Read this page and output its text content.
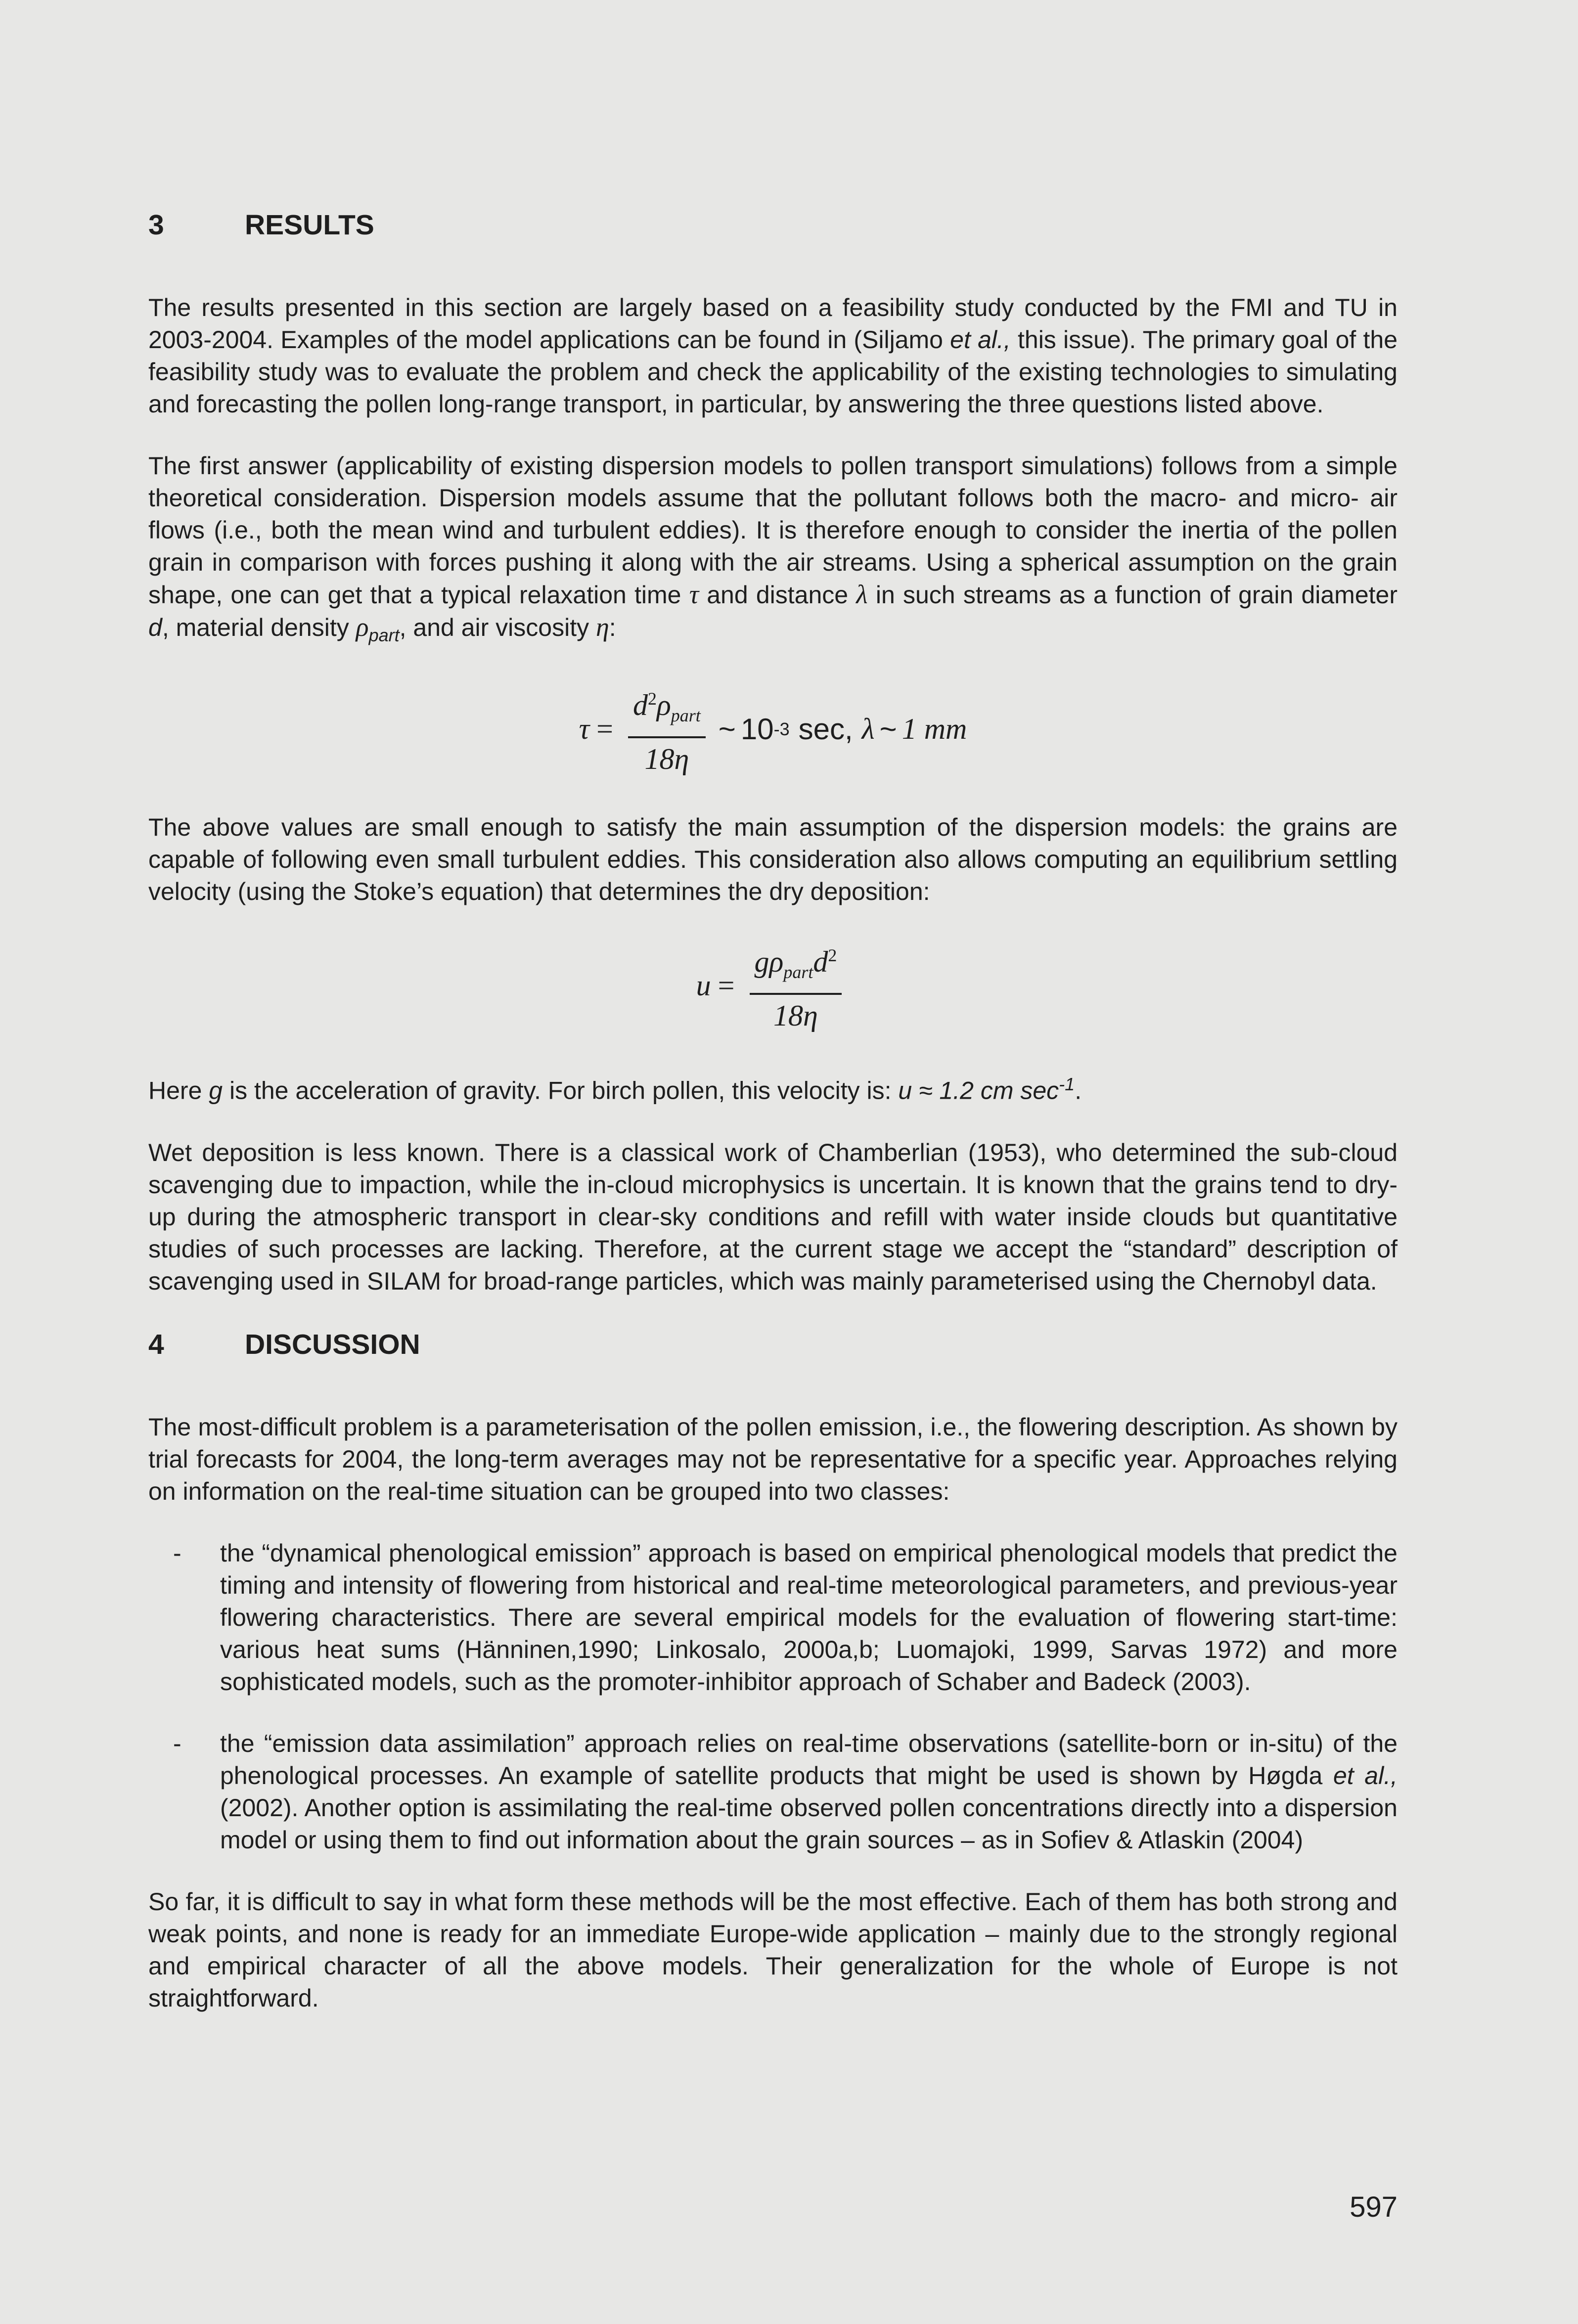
3	RESULTS

The results presented in this section are largely based on a feasibility study conducted by the FMI and TU in 2003-2004. Examples of the model applications can be found in (Siljamo et al., this issue). The primary goal of the feasibility study was to evaluate the problem and check the applicability of the existing technologies to simulating and forecasting the pollen long-range transport, in particular, by answering the three questions listed above.

The first answer (applicability of existing dispersion models to pollen transport simulations) follows from a simple theoretical consideration. Dispersion models assume that the pollutant follows both the macro- and micro- air flows (i.e., both the mean wind and turbulent eddies). It is therefore enough to consider the inertia of the pollen grain in comparison with forces pushing it along with the air streams. Using a spherical assumption on the grain shape, one can get that a typical relaxation time τ and distance λ in such streams as a function of grain diameter d, material density $\rho_{part}$, and air viscosity η:

$\tau = \frac{d^2\rho_{part}}{18\eta}$ ~ 10 -3 sec, λ ~ 1 mm

The above values are small enough to satisfy the main assumption of the dispersion models: the grains are capable of following even small turbulent eddies. This consideration also allows computing an equilibrium settling velocity (using the Stoke’s equation) that determines the dry deposition:

$u = \frac{g\rho_{part}d^2}{18\eta}$

Here g is the acceleration of gravity. For birch pollen, this velocity is: u ≈ 1.2 cm $\sec^{-1}$.

Wet deposition is less known. There is a classical work of Chamberlian (1953), who determined the sub-cloud scavenging due to impaction, while the in-cloud microphysics is uncertain. It is known that the grains tend to dry-up during the atmospheric transport in clear-sky conditions and refill with water inside clouds but quantitative studies of such processes are lacking. Therefore, at the current stage we accept the “standard” description of scavenging used in SILAM for broad-range particles, which was mainly parameterised using the Chernobyl data.

4	DISCUSSION

The most-difficult problem is a parameterisation of the pollen emission, i.e., the flowering description. As shown by trial forecasts for 2004, the long-term averages may not be representative for a specific year. Approaches relying on information on the real-time situation can be grouped into two classes:

- the “dynamical phenological emission” approach is based on empirical phenological models that predict the timing and intensity of flowering from historical and real-time meteorological parameters, and previous-year flowering characteristics. There are several empirical models for the evaluation of flowering start-time: various heat sums (Hänninen,1990; Linkosalo, 2000a,b; Luomajoki, 1999, Sarvas 1972) and more sophisticated models, such as the promoter-inhibitor approach of Schaber and Badeck (2003).
- the “emission data assimilation” approach relies on real-time observations (satellite-born or in-situ) of the phenological processes. An example of satellite products that might be used is shown by Høgda et al., (2002). Another option is assimilating the real-time observed pollen concentrations directly into a dispersion model or using them to find out information about the grain sources – as in Sofiev & Atlaskin (2004)

So far, it is difficult to say in what form these methods will be the most effective. Each of them has both strong and weak points, and none is ready for an immediate Europe-wide application – mainly due to the strongly regional and empirical character of all the above models. Their generalization for the whole of Europe is not straightforward.

597
